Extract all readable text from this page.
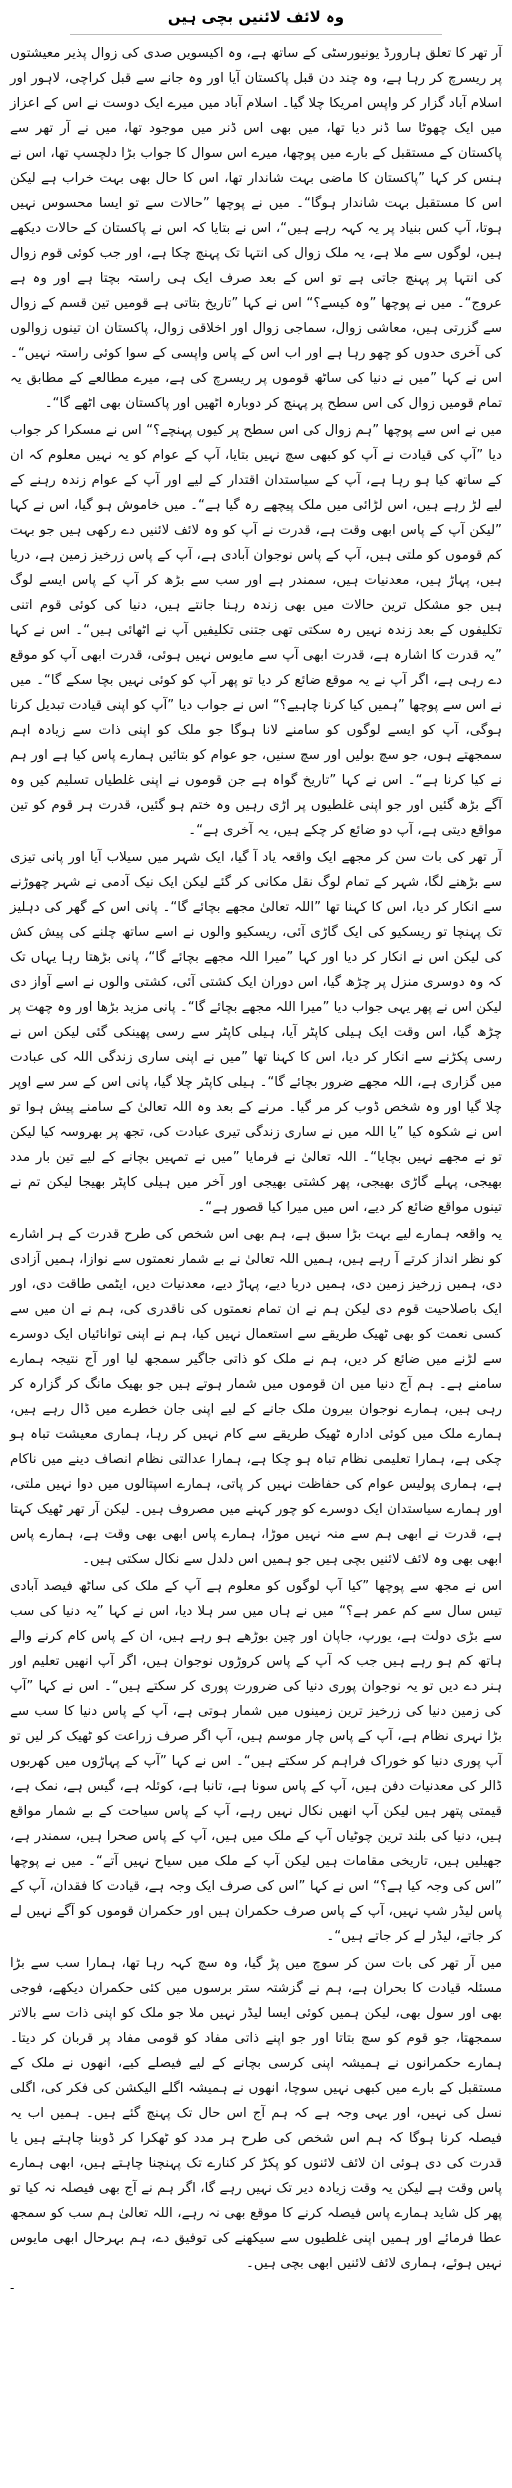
وہ لائف لائنیں بچی ہیں

آر تھر کا تعلق ہارورڈ یونیورسٹی کے ساتھ ہے، وہ اکیسویں صدی کی زوال پذیر معیشتوں پر ریسرچ کر رہا ہے، وہ چند دن قبل پاکستان آیا اور وہ جانے سے قبل کراچی، لاہور اور اسلام آباد گزار کر واپس امریکا چلا گیا۔ اسلام آباد میں میرے ایک دوست نے اس کے اعزاز میں ایک چھوٹا سا ڈنر دیا تھا، میں بھی اس ڈنر میں موجود تھا، میں نے آر تھر سے پاکستان کے مستقبل کے بارے میں پوچھا، میرے اس سوال کا جواب بڑا دلچسپ تھا، اس نے ہنس کر کہا ”پاکستان کا ماضی بہت شاندار تھا، اس کا حال بھی بہت خراب ہے لیکن اس کا مستقبل بہت شاندار ہوگا“۔ میں نے پوچھا ”حالات سے تو ایسا محسوس نہیں ہوتا، آپ کس بنیاد پر یہ کہہ رہے ہیں“، اس نے بتایا کہ اس نے پاکستان کے حالات دیکھے ہیں، لوگوں سے ملا ہے، یہ ملک زوال کی انتہا تک پہنچ چکا ہے، اور جب کوئی قوم زوال کی انتہا پر پہنچ جاتی ہے تو اس کے بعد صرف ایک ہی راستہ بچتا ہے اور وہ ہے عروج“۔ میں نے پوچھا ”وہ کیسے؟“ اس نے کہا ”تاریخ بتاتی ہے قومیں تین قسم کے زوال سے گزرتی ہیں، معاشی زوال، سماجی زوال اور اخلاقی زوال، پاکستان ان تینوں زوالوں کی آخری حدوں کو چھو رہا ہے اور اب اس کے پاس واپسی کے سوا کوئی راستہ نہیں“۔ اس نے کہا ”میں نے دنیا کی ساٹھ قوموں پر ریسرچ کی ہے، میرے مطالعے کے مطابق یہ تمام قومیں زوال کی اس سطح پر پہنچ کر دوبارہ اٹھیں اور پاکستان بھی اٹھے گا“۔

میں نے اس سے پوچھا ”ہم زوال کی اس سطح پر کیوں پہنچے؟“ اس نے مسکرا کر جواب دیا ”آپ کی قیادت نے آپ کو کبھی سچ نہیں بتایا، آپ کے عوام کو یہ نہیں معلوم کہ ان کے ساتھ کیا ہو رہا ہے، آپ کے سیاستدان اقتدار کے لیے اور آپ کے عوام زندہ رہنے کے لیے لڑ رہے ہیں، اس لڑائی میں ملک پیچھے رہ گیا ہے“۔ میں خاموش ہو گیا، اس نے کہا ”لیکن آپ کے پاس ابھی وقت ہے، قدرت نے آپ کو وہ لائف لائنیں دے رکھی ہیں جو بہت کم قوموں کو ملتی ہیں، آپ کے پاس نوجوان آبادی ہے، آپ کے پاس زرخیز زمین ہے، دریا ہیں، پہاڑ ہیں، معدنیات ہیں، سمندر ہے اور سب سے بڑھ کر آپ کے پاس ایسے لوگ ہیں جو مشکل ترین حالات میں بھی زندہ رہنا جانتے ہیں، دنیا کی کوئی قوم اتنی تکلیفوں کے بعد زندہ نہیں رہ سکتی تھی جتنی تکلیفیں آپ نے اٹھائی ہیں“۔ اس نے کہا ”یہ قدرت کا اشارہ ہے، قدرت ابھی آپ سے مایوس نہیں ہوئی، قدرت ابھی آپ کو موقع دے رہی ہے، اگر آپ نے یہ موقع ضائع کر دیا تو پھر آپ کو کوئی نہیں بچا سکے گا“۔ میں نے اس سے پوچھا ”ہمیں کیا کرنا چاہیے؟“ اس نے جواب دیا ”آپ کو اپنی قیادت تبدیل کرنا ہوگی، آپ کو ایسے لوگوں کو سامنے لانا ہوگا جو ملک کو اپنی ذات سے زیادہ اہم سمجھتے ہوں، جو سچ بولیں اور سچ سنیں، جو عوام کو بتائیں ہمارے پاس کیا ہے اور ہم نے کیا کرنا ہے“۔ اس نے کہا ”تاریخ گواہ ہے جن قوموں نے اپنی غلطیاں تسلیم کیں وہ آگے بڑھ گئیں اور جو اپنی غلطیوں پر اڑی رہیں وہ ختم ہو گئیں، قدرت ہر قوم کو تین مواقع دیتی ہے، آپ دو ضائع کر چکے ہیں، یہ آخری ہے“۔

آر تھر کی بات سن کر مجھے ایک واقعہ یاد آ گیا، ایک شہر میں سیلاب آیا اور پانی تیزی سے بڑھنے لگا، شہر کے تمام لوگ نقل مکانی کر گئے لیکن ایک نیک آدمی نے شہر چھوڑنے سے انکار کر دیا، اس کا کہنا تھا ”اللہ تعالیٰ مجھے بچائے گا“۔ پانی اس کے گھر کی دہلیز تک پہنچا تو ریسکیو کی ایک گاڑی آئی، ریسکیو والوں نے اسے ساتھ چلنے کی پیش کش کی لیکن اس نے انکار کر دیا اور کہا ”میرا اللہ مجھے بچائے گا“، پانی بڑھتا رہا یہاں تک کہ وہ دوسری منزل پر چڑھ گیا، اس دوران ایک کشتی آئی، کشتی والوں نے اسے آواز دی لیکن اس نے پھر یہی جواب دیا ”میرا اللہ مجھے بچائے گا“۔ پانی مزید بڑھا اور وہ چھت پر چڑھ گیا، اس وقت ایک ہیلی کاپٹر آیا، ہیلی کاپٹر سے رسی پھینکی گئی لیکن اس نے رسی پکڑنے سے انکار کر دیا، اس کا کہنا تھا ”میں نے اپنی ساری زندگی اللہ کی عبادت میں گزاری ہے، اللہ مجھے ضرور بچائے گا“۔ ہیلی کاپٹر چلا گیا، پانی اس کے سر سے اوپر چلا گیا اور وہ شخص ڈوب کر مر گیا۔ مرنے کے بعد وہ اللہ تعالیٰ کے سامنے پیش ہوا تو اس نے شکوہ کیا ”یا اللہ میں نے ساری زندگی تیری عبادت کی، تجھ پر بھروسہ کیا لیکن تو نے مجھے نہیں بچایا“۔ اللہ تعالیٰ نے فرمایا ”میں نے تمہیں بچانے کے لیے تین بار مدد بھیجی، پہلے گاڑی بھیجی، پھر کشتی بھیجی اور آخر میں ہیلی کاپٹر بھیجا لیکن تم نے تینوں مواقع ضائع کر دیے، اس میں میرا کیا قصور ہے“۔

یہ واقعہ ہمارے لیے بہت بڑا سبق ہے، ہم بھی اس شخص کی طرح قدرت کے ہر اشارے کو نظر انداز کرتے آ رہے ہیں، ہمیں اللہ تعالیٰ نے بے شمار نعمتوں سے نوازا، ہمیں آزادی دی، ہمیں زرخیز زمین دی، ہمیں دریا دیے، پہاڑ دیے، معدنیات دیں، ایٹمی طاقت دی، اور ایک باصلاحیت قوم دی لیکن ہم نے ان تمام نعمتوں کی ناقدری کی، ہم نے ان میں سے کسی نعمت کو بھی ٹھیک طریقے سے استعمال نہیں کیا، ہم نے اپنی توانائیاں ایک دوسرے سے لڑنے میں ضائع کر دیں، ہم نے ملک کو ذاتی جاگیر سمجھ لیا اور آج نتیجہ ہمارے سامنے ہے۔ ہم آج دنیا میں ان قوموں میں شمار ہوتے ہیں جو بھیک مانگ کر گزارہ کر رہی ہیں، ہمارے نوجوان بیرون ملک جانے کے لیے اپنی جان خطرے میں ڈال رہے ہیں، ہمارے ملک میں کوئی ادارہ ٹھیک طریقے سے کام نہیں کر رہا، ہماری معیشت تباہ ہو چکی ہے، ہمارا تعلیمی نظام تباہ ہو چکا ہے، ہمارا عدالتی نظام انصاف دینے میں ناکام ہے، ہماری پولیس عوام کی حفاظت نہیں کر پاتی، ہمارے اسپتالوں میں دوا نہیں ملتی، اور ہمارے سیاستدان ایک دوسرے کو چور کہنے میں مصروف ہیں۔ لیکن آر تھر ٹھیک کہتا ہے، قدرت نے ابھی ہم سے منہ نہیں موڑا، ہمارے پاس ابھی بھی وقت ہے، ہمارے پاس ابھی بھی وہ لائف لائنیں بچی ہیں جو ہمیں اس دلدل سے نکال سکتی ہیں۔

اس نے مجھ سے پوچھا ”کیا آپ لوگوں کو معلوم ہے آپ کے ملک کی ساٹھ فیصد آبادی تیس سال سے کم عمر ہے؟“ میں نے ہاں میں سر ہلا دیا، اس نے کہا ”یہ دنیا کی سب سے بڑی دولت ہے، یورپ، جاپان اور چین بوڑھے ہو رہے ہیں، ان کے پاس کام کرنے والے ہاتھ کم ہو رہے ہیں جب کہ آپ کے پاس کروڑوں نوجوان ہیں، اگر آپ انھیں تعلیم اور ہنر دے دیں تو یہ نوجوان پوری دنیا کی ضرورت پوری کر سکتے ہیں“۔ اس نے کہا ”آپ کی زمین دنیا کی زرخیز ترین زمینوں میں شمار ہوتی ہے، آپ کے پاس دنیا کا سب سے بڑا نہری نظام ہے، آپ کے پاس چار موسم ہیں، آپ اگر صرف زراعت کو ٹھیک کر لیں تو آپ پوری دنیا کو خوراک فراہم کر سکتے ہیں“۔ اس نے کہا ”آپ کے پہاڑوں میں کھربوں ڈالر کی معدنیات دفن ہیں، آپ کے پاس سونا ہے، تانبا ہے، کوئلہ ہے، گیس ہے، نمک ہے، قیمتی پتھر ہیں لیکن آپ انھیں نکال نہیں رہے، آپ کے پاس سیاحت کے بے شمار مواقع ہیں، دنیا کی بلند ترین چوٹیاں آپ کے ملک میں ہیں، آپ کے پاس صحرا ہیں، سمندر ہے، جھیلیں ہیں، تاریخی مقامات ہیں لیکن آپ کے ملک میں سیاح نہیں آتے“۔ میں نے پوچھا ”اس کی وجہ کیا ہے؟“ اس نے کہا ”اس کی صرف ایک وجہ ہے، قیادت کا فقدان، آپ کے پاس لیڈر شپ نہیں، آپ کے پاس صرف حکمران ہیں اور حکمران قوموں کو آگے نہیں لے کر جاتے، لیڈر لے کر جاتے ہیں“۔

میں آر تھر کی بات سن کر سوچ میں پڑ گیا، وہ سچ کہہ رہا تھا، ہمارا سب سے بڑا مسئلہ قیادت کا بحران ہے، ہم نے گزشتہ ستر برسوں میں کئی حکمران دیکھے، فوجی بھی اور سول بھی، لیکن ہمیں کوئی ایسا لیڈر نہیں ملا جو ملک کو اپنی ذات سے بالاتر سمجھتا، جو قوم کو سچ بتاتا اور جو اپنے ذاتی مفاد کو قومی مفاد پر قربان کر دیتا۔ ہمارے حکمرانوں نے ہمیشہ اپنی کرسی بچانے کے لیے فیصلے کیے، انھوں نے ملک کے مستقبل کے بارے میں کبھی نہیں سوچا، انھوں نے ہمیشہ اگلے الیکشن کی فکر کی، اگلی نسل کی نہیں، اور یہی وجہ ہے کہ ہم آج اس حال تک پہنچ گئے ہیں۔ ہمیں اب یہ فیصلہ کرنا ہوگا کہ ہم اس شخص کی طرح ہر مدد کو ٹھکرا کر ڈوبنا چاہتے ہیں یا قدرت کی دی ہوئی ان لائف لائنوں کو پکڑ کر کنارے تک پہنچنا چاہتے ہیں، ابھی ہمارے پاس وقت ہے لیکن یہ وقت زیادہ دیر تک نہیں رہے گا، اگر ہم نے آج بھی فیصلہ نہ کیا تو پھر کل شاید ہمارے پاس فیصلہ کرنے کا موقع بھی نہ رہے، اللہ تعالیٰ ہم سب کو سمجھ عطا فرمائے اور ہمیں اپنی غلطیوں سے سیکھنے کی توفیق دے، ہم بہرحال ابھی مایوس نہیں ہوئے، ہماری لائف لائنیں ابھی بچی ہیں۔

-
